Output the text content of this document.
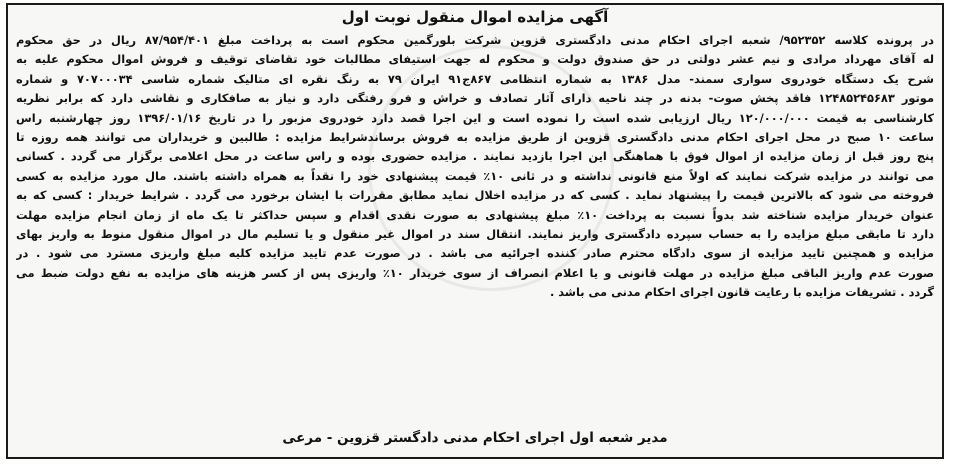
آگهی مزایده اموال منقول نوبت اول
در پرونده کلاسه ۹۵۲۳۵۲/ شعبه اجرای احکام مدنی دادگستری قزوین شرکت بلورگمین محکوم است به پرداخت مبلغ ۸۷/۹۵۴/۴۰۱ ریال در حق محکوم
له آقای مهرداد مرادی و نیم عشر دولتی در حق صندوق دولت و محکوم له جهت استیفای مطالبات خود تقاضای توقیف و فروش اموال محکوم علیه به
شرح یک دستگاه خودروی سواری سمند- مدل ۱۳۸۶ به شماره انتظامی ۸۶۷ج۹۱ ایران ۷۹ به رنگ نقره ای متالیک شماره شاسی ۷۰۷۰۰۰۳۴ و شماره
موتور ۱۲۴۸۵۲۴۵۶۸۳ فاقد پخش صوت- بدنه در چند ناحیه دارای آثار تصادف و خراش و فرو رفتگی دارد و نیاز به صافکاری و نقاشی دارد که برابر نظریه
کارشناسی به قیمت ۱۲۰/۰۰۰/۰۰۰ ریال ارزیابی شده است را نموده است و این اجرا قصد دارد خودروی مزبور را در تاریخ ۱۳۹۶/۰۱/۱۶ روز چهارشنبه راس
ساعت ۱۰ صبح در محل اجرای احکام مدنی دادگستری قزوین از طریق مزایده به فروش برساندشرایط مزایده : طالبین و خریداران می توانند همه روزه تا
پنج روز قبل از زمان مزایده از اموال فوق با هماهنگی این اجرا بازدید نمایند . مزایده حضوری بوده و راس ساعت در محل اعلامی برگزار می گردد . کسانی
می توانند در مزایده شرکت نمایند که اولاً منع قانونی نداشته و در ثانی ۱۰٪ قیمت پیشنهادی خود را نقداً به همراه داشته باشند. مال مورد مزایده به کسی
فروخته می شود که بالاترین قیمت را پیشنهاد نماید . کسی که در مزایده اخلال نماید مطابق مقررات با ایشان برخورد می گردد . شرایط خریدار : کسی که به
عنوان خریدار مزایده شناخته شد بدواً نسبت به پرداخت ۱۰٪ مبلغ پیشنهادی به صورت نقدی اقدام و سپس حداکثر تا یک ماه از زمان انجام مزایده مهلت
دارد تا مابقی مبلغ مزایده را به حساب سپرده دادگستری واریز نمایند. انتقال سند در اموال غیر منقول و یا تسلیم مال در اموال منقول منوط به واریز بهای
مزایده و همچنین تایید مزایده از سوی دادگاه محترم صادر کننده اجرائیه می باشد . در صورت عدم تایید مزایده کلیه مبلغ واریزی مسترد می شود . در
صورت عدم واریز الباقی مبلغ مزایده در مهلت قانونی و یا اعلام انصراف از سوی خریدار ۱۰٪ واریزی پس از کسر هزینه های مزایده به نفع دولت ضبط می
گردد . تشریفات مزایده با رعایت قانون اجرای احکام مدنی می باشد .
مدیر شعبه اول اجرای احکام مدنی دادگستر قزوین - مرعی
